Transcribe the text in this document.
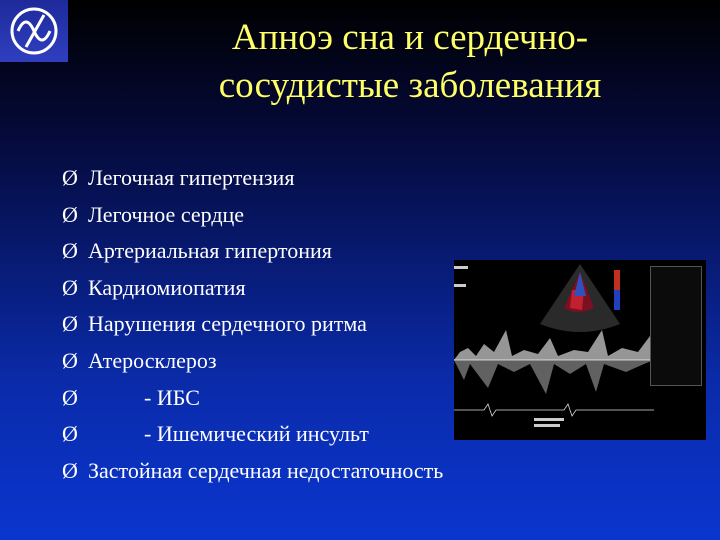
Апноэ сна и сердечно-
сосудистые заболевания
Ø Легочная гипертензия
Ø Легочное сердце
Ø Артериальная гипертония
Ø Кардиомиопатия
Ø Нарушения сердечного ритма
Ø Атеросклероз
Ø	- ИБС
Ø	- Ишемический инсульт
Ø Застойная сердечная недостаточность
